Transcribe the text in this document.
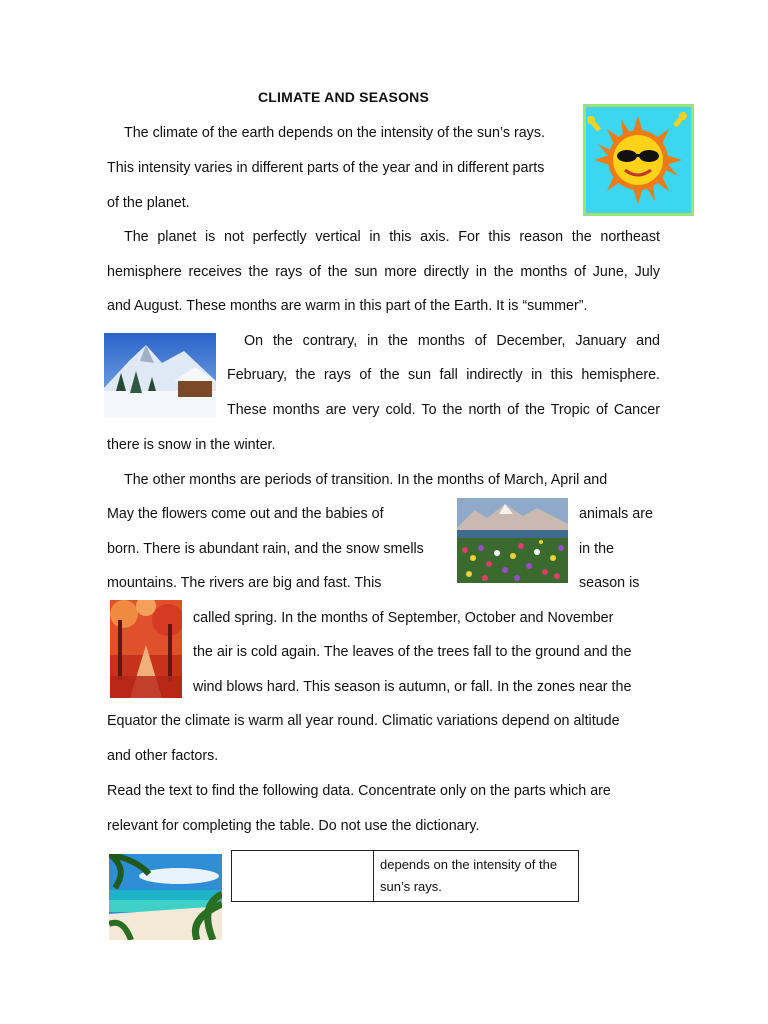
CLIMATE AND SEASONS
The climate of the earth depends on the intensity of the sun’s rays.
This intensity varies in different parts of the year and in different parts
of the planet.
The planet is not perfectly vertical in this axis. For this reason the northeast
hemisphere receives the rays of the sun more directly in the months of June, July
and August. These months are warm in this part of the Earth. It is “summer”.
On the contrary, in the months of December, January and
February, the rays of the sun fall indirectly in this hemisphere.
These months are very cold. To the north of the Tropic of Cancer
there is snow in the winter.
The other months are periods of transition. In the months of March, April and
May the flowers come out and the babies of	animals are
born. There is abundant rain, and the snow smells	in the
mountains. The rivers are big and fast. This	season is
called spring. In the months of September, October and November
the air is cold again. The leaves of the trees fall to the ground and the
wind blows hard. This season is autumn, or fall. In the zones near the
Equator the climate is warm all year round. Climatic variations depend on altitude
and other factors.
Read the text to find the following data. Concentrate only on the parts which are
relevant for completing the table. Do not use the dictionary.
	depends on the intensity of the sun’s rays.
